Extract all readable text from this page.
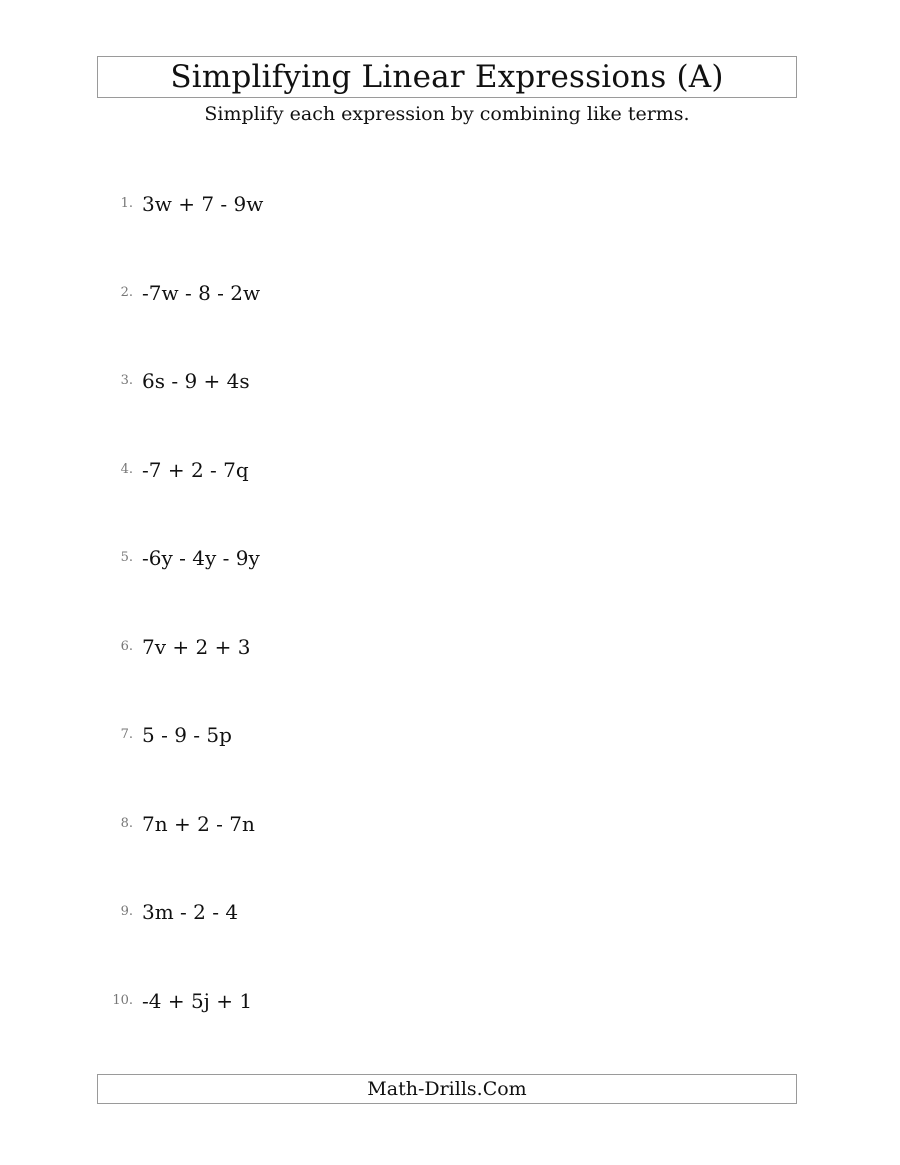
Simplifying Linear Expressions (A)
Simplify each expression by combining like terms.
1. 3w + 7 - 9w
2. -7w - 8 - 2w
3. 6s - 9 + 4s
4. -7 + 2 - 7q
5. -6y - 4y - 9y
6. 7v + 2 + 3
7. 5 - 9 - 5p
8. 7n + 2 - 7n
9. 3m - 2 - 4
10. -4 + 5j + 1
Math-Drills.Com
